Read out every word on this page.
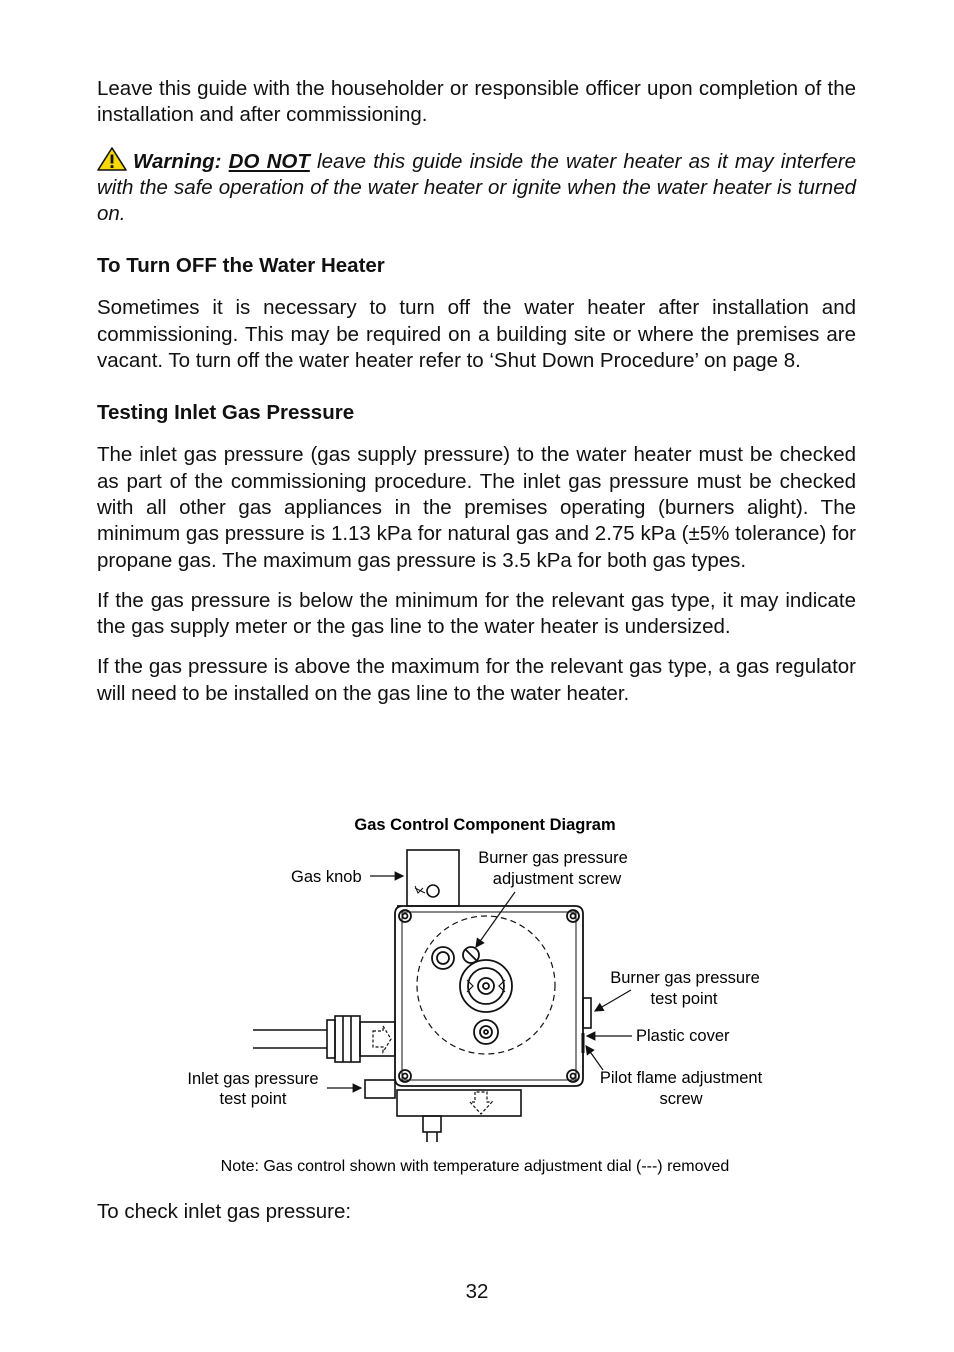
Leave this guide with the householder or responsible officer upon completion of the installation and after commissioning.

Warning: DO NOT leave this guide inside the water heater as it may interfere with the safe operation of the water heater or ignite when the water heater is turned on.

To Turn OFF the Water Heater

Sometimes it is necessary to turn off the water heater after installation and commissioning. This may be required on a building site or where the premises are vacant. To turn off the water heater refer to ‘Shut Down Procedure’ on page 8.

Testing Inlet Gas Pressure

The inlet gas pressure (gas supply pressure) to the water heater must be checked as part of the commissioning procedure. The inlet gas pressure must be checked with all other gas appliances in the premises operating (burners alight). The minimum gas pressure is 1.13 kPa for natural gas and 2.75 kPa (±5% tolerance) for propane gas. The maximum gas pressure is 3.5 kPa for both gas types.

If the gas pressure is below the minimum for the relevant gas type, it may indicate the gas supply meter or the gas line to the water heater is undersized.

If the gas pressure is above the maximum for the relevant gas type, a gas regulator will need to be installed on the gas line to the water heater.

Gas Control Component Diagram
Gas knob
Burner gas pressure
adjustment screw
Burner gas pressure
test point
Plastic cover
Pilot flame adjustment
screw
Inlet gas pressure
test point
Note: Gas control shown with temperature adjustment dial (---) removed
To check inlet gas pressure:
32
